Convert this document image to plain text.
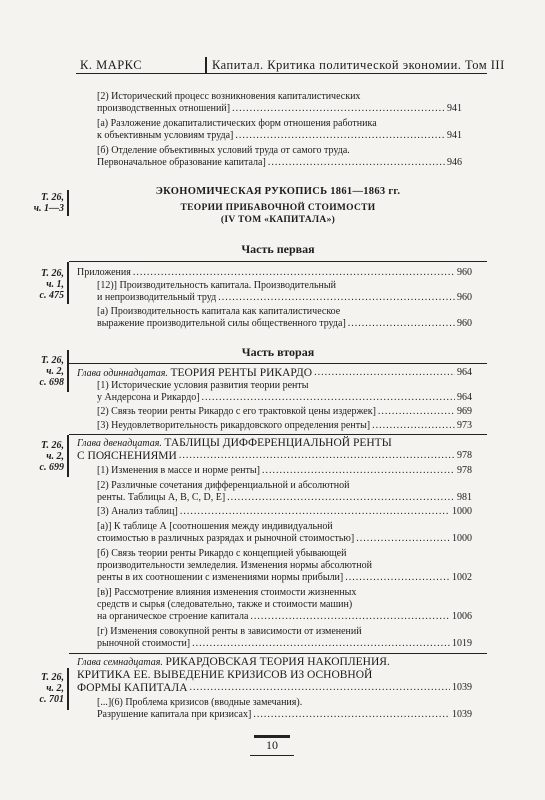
К. МАРКС	Капитал. Критика политической экономии. Том III
[2) Исторический процесс возникновения капиталистических
производственных отношений] .....	941
[а) Разложение докапиталистических форм отношения работника
к объективным условиям труда] .....	941
[б) Отделение объективных условий труда от самого труда.
Первоначальное образование капитала] .....	946
Т. 26,
ч. 1—3
ЭКОНОМИЧЕСКАЯ РУКОПИСЬ 1861—1863 гг.
ТЕОРИИ ПРИБАВОЧНОЙ СТОИМОСТИ
(IV ТОМ «КАПИТАЛА»)
Часть первая
Т. 26,
ч. 1,
с. 475
Приложения .....	960
[12)] Производительность капитала. Производительный
и непроизводительный труд .....	960
[а) Производительность капитала как капиталистическое
выражение производительной силы общественного труда] .....	960
Часть вторая
Т. 26,
ч. 2,
с. 698
Глава одиннадцатая. ТЕОРИЯ РЕНТЫ РИКАРДО .....	964
[1) Исторические условия развития теории ренты
у Андерсона и Рикардо] .....	964
[2) Связь теории ренты Рикардо с его трактовкой цены издержек] .....	969
[3) Неудовлетворительность рикардовского определения ренты] .....	973
Т. 26,
ч. 2,
с. 699
Глава двенадцатая. ТАБЛИЦЫ ДИФФЕРЕНЦИАЛЬНОЙ РЕНТЫ
С ПОЯСНЕНИЯМИ .....	978
[1) Изменения в массе и норме ренты] .....	978
[2) Различные сочетания дифференциальной и абсолютной
ренты. Таблицы А, В, С, D, Е] .....	981
[3) Анализ таблиц] .....	1000
[а)] К таблице А [соотношения между индивидуальной
стоимостью в различных разрядах и рыночной стоимостью] .....	1000
[б) Связь теории ренты Рикардо с концепцией убывающей
производительности земледелия. Изменения нормы абсолютной
ренты в их соотношении с изменениями нормы прибыли] .....	1002
[в)] Рассмотрение влияния изменения стоимости жизненных
средств и сырья (следовательно, также и стоимости машин)
на органическое строение капитала .....	1006
[г) Изменения совокупной ренты в зависимости от изменений
рыночной стоимости] .....	1019
Т. 26,
ч. 2,
с. 701
Глава семнадцатая. РИКАРДОВСКАЯ ТЕОРИЯ НАКОПЛЕНИЯ.
КРИТИКА ЕЕ. ВЫВЕДЕНИЕ КРИЗИСОВ ИЗ ОСНОВНОЙ
ФОРМЫ КАПИТАЛА .....	1039
[...](6) Проблема кризисов (вводные замечания).
Разрушение капитала при кризисах] .....	1039
10
